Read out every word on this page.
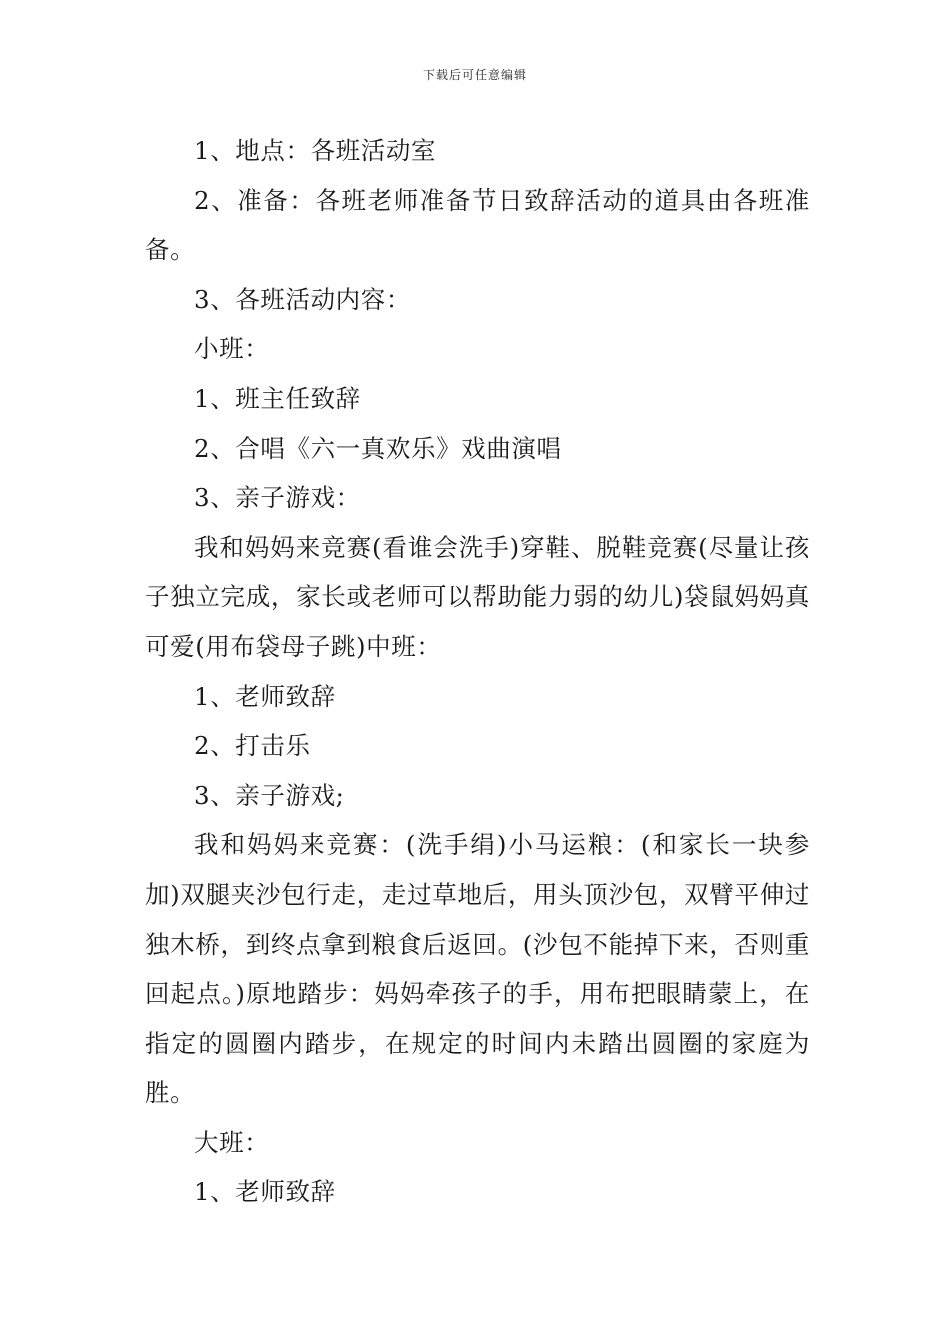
下载后可任意编辑

1、地点：各班活动室

2、准备：各班老师准备节日致辞活动的道具由各班准备。

3、各班活动内容：

小班：

1、班主任致辞

2、合唱《六一真欢乐》戏曲演唱

3、亲子游戏：

我和妈妈来竞赛(看谁会洗手)穿鞋、脱鞋竞赛(尽量让孩子独立完成，家长或老师可以帮助能力弱的幼儿)袋鼠妈妈真可爱(用布袋母子跳)中班：

1、老师致辞

2、打击乐

3、亲子游戏;

我和妈妈来竞赛：(洗手绢)小马运粮：(和家长一块参加)双腿夹沙包行走，走过草地后，用头顶沙包，双臂平伸过独木桥，到终点拿到粮食后返回。(沙包不能掉下来，否则重回起点。)原地踏步：妈妈牵孩子的手，用布把眼睛蒙上，在指定的圆圈内踏步，在规定的时间内未踏出圆圈的家庭为胜。

大班：

1、老师致辞
